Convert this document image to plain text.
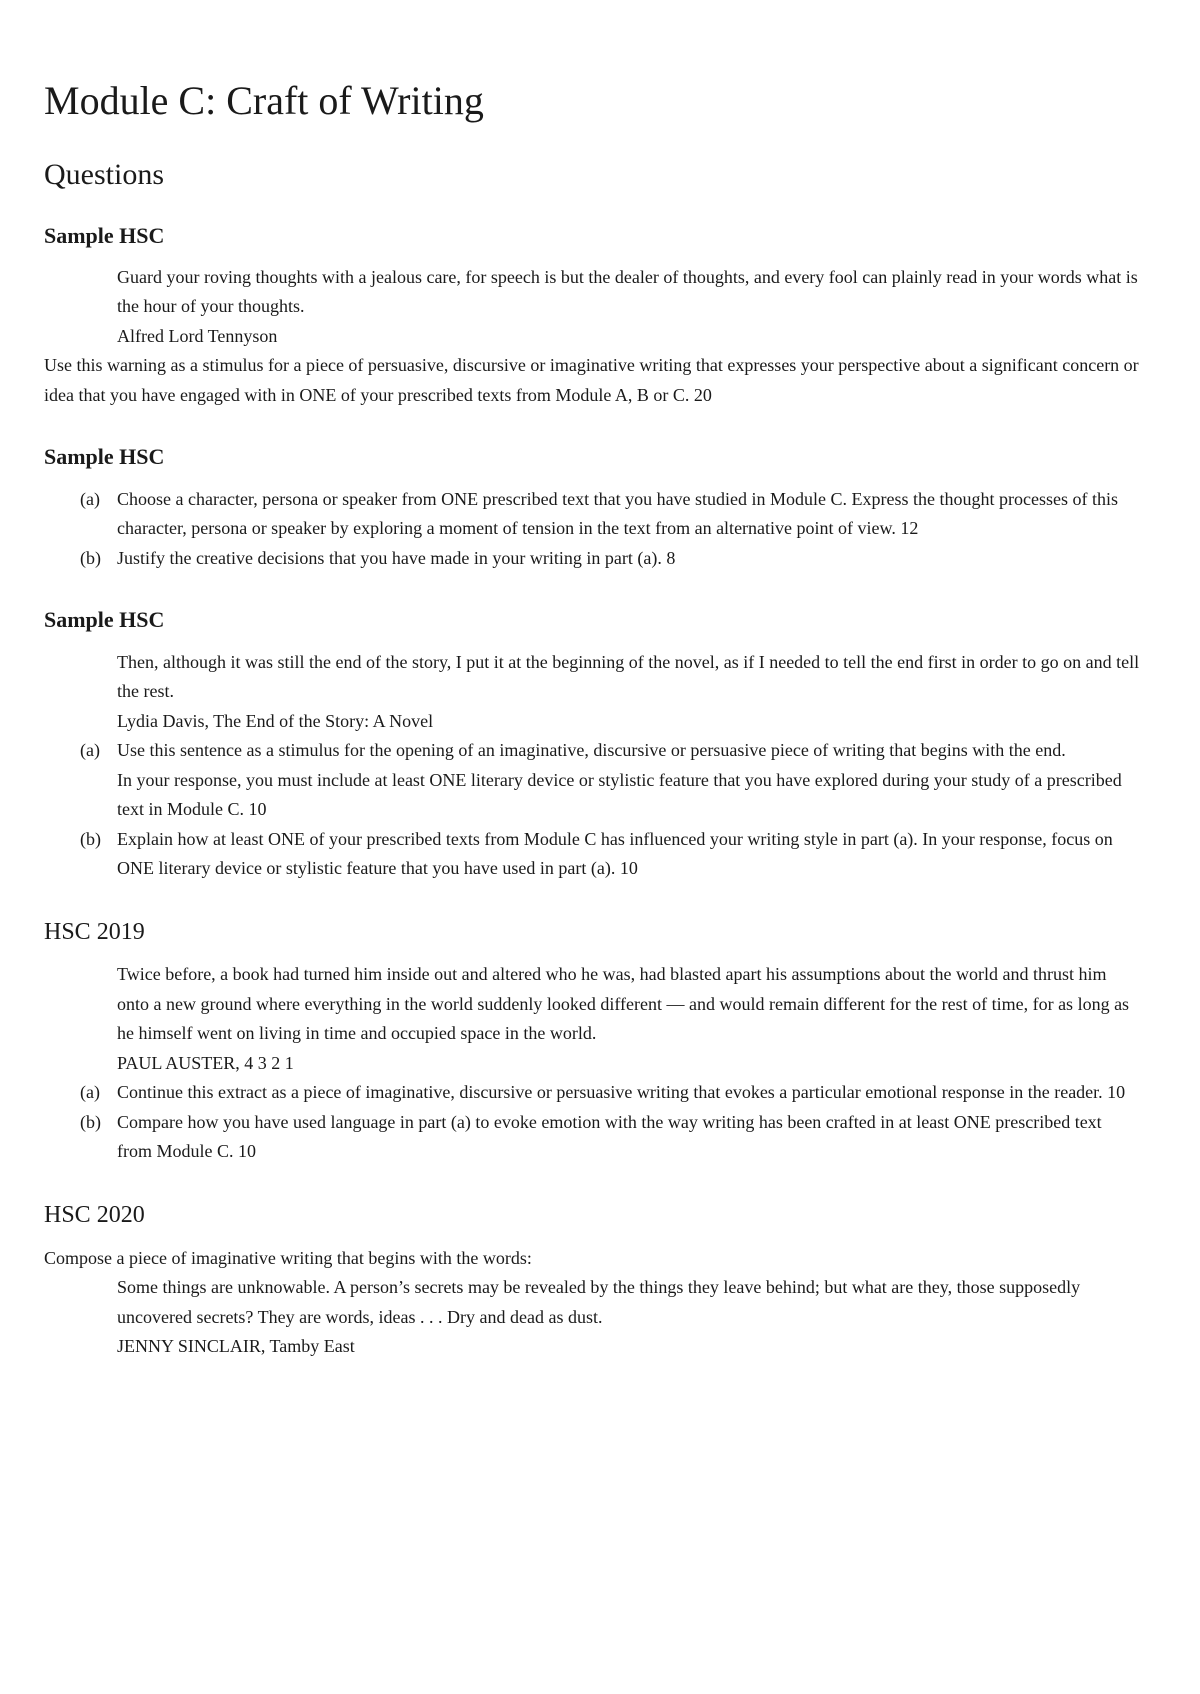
Module C: Craft of Writing
Questions
Sample HSC

Guard your roving thoughts with a jealous care, for speech is but the dealer of thoughts, and every fool can plainly read in your words what is the hour of your thoughts.

Alfred Lord Tennyson

Use this warning as a stimulus for a piece of persuasive, discursive or imaginative writing that expresses your perspective about a significant concern or idea that you have engaged with in ONE of your prescribed texts from Module A, B or C. 20

Sample HSC
(a) Choose a character, persona or speaker from ONE prescribed text that you have studied in Module C. Express the thought processes of this character, persona or speaker by exploring a moment of tension in the text from an alternative point of view. 12
(b) Justify the creative decisions that you have made in your writing in part (a). 8
Sample HSC

Then, although it was still the end of the story, I put it at the beginning of the novel, as if I needed to tell the end first in order to go on and tell the rest.

Lydia Davis, The End of the Story: A Novel

(a) Use this sentence as a stimulus for the opening of an imaginative, discursive or persuasive piece of writing that begins with the end.
In your response, you must include at least ONE literary device or stylistic feature that you have explored during your study of a prescribed text in Module C. 10
(b) Explain how at least ONE of your prescribed texts from Module C has influenced your writing style in part (a). In your response, focus on ONE literary device or stylistic feature that you have used in part (a). 10
HSC 2019

Twice before, a book had turned him inside out and altered who he was, had blasted apart his assumptions about the world and thrust him onto a new ground where everything in the world suddenly looked different — and would remain different for the rest of time, for as long as he himself went on living in time and occupied space in the world.

PAUL AUSTER, 4 3 2 1

(a) Continue this extract as a piece of imaginative, discursive or persuasive writing that evokes a particular emotional response in the reader. 10
(b) Compare how you have used language in part (a) to evoke emotion with the way writing has been crafted in at least ONE prescribed text from Module C. 10
HSC 2020

Compose a piece of imaginative writing that begins with the words:

Some things are unknowable. A person’s secrets may be revealed by the things they leave behind; but what are they, those supposedly uncovered secrets? They are words, ideas . . . Dry and dead as dust.

JENNY SINCLAIR, Tamby East
